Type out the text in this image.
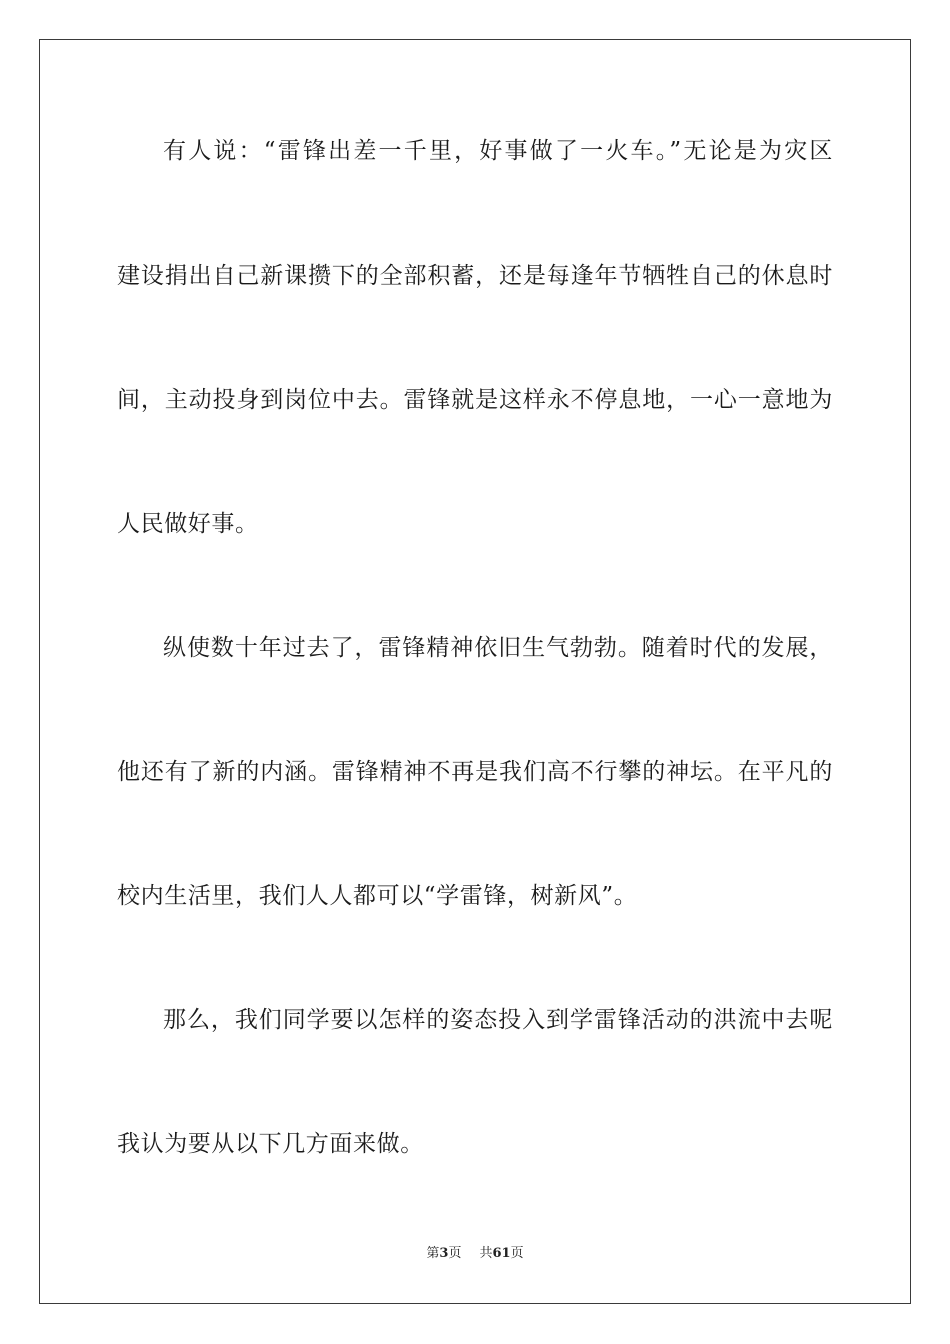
有人说：“雷锋出差一千里，好事做了一火车。”无论是为灾区
建设捐出自己新课攒下的全部积蓄，还是每逢年节牺牲自己的休息时
间，主动投身到岗位中去。雷锋就是这样永不停息地，一心一意地为
人民做好事。
纵使数十年过去了，雷锋精神依旧生气勃勃。随着时代的发展，
他还有了新的内涵。雷锋精神不再是我们高不行攀的神坛。在平凡的
校内生活里，我们人人都可以“学雷锋，树新风”。
那么，我们同学要以怎样的姿态投入到学雷锋活动的洪流中去呢
我认为要从以下几方面来做。
第3页 共61页
